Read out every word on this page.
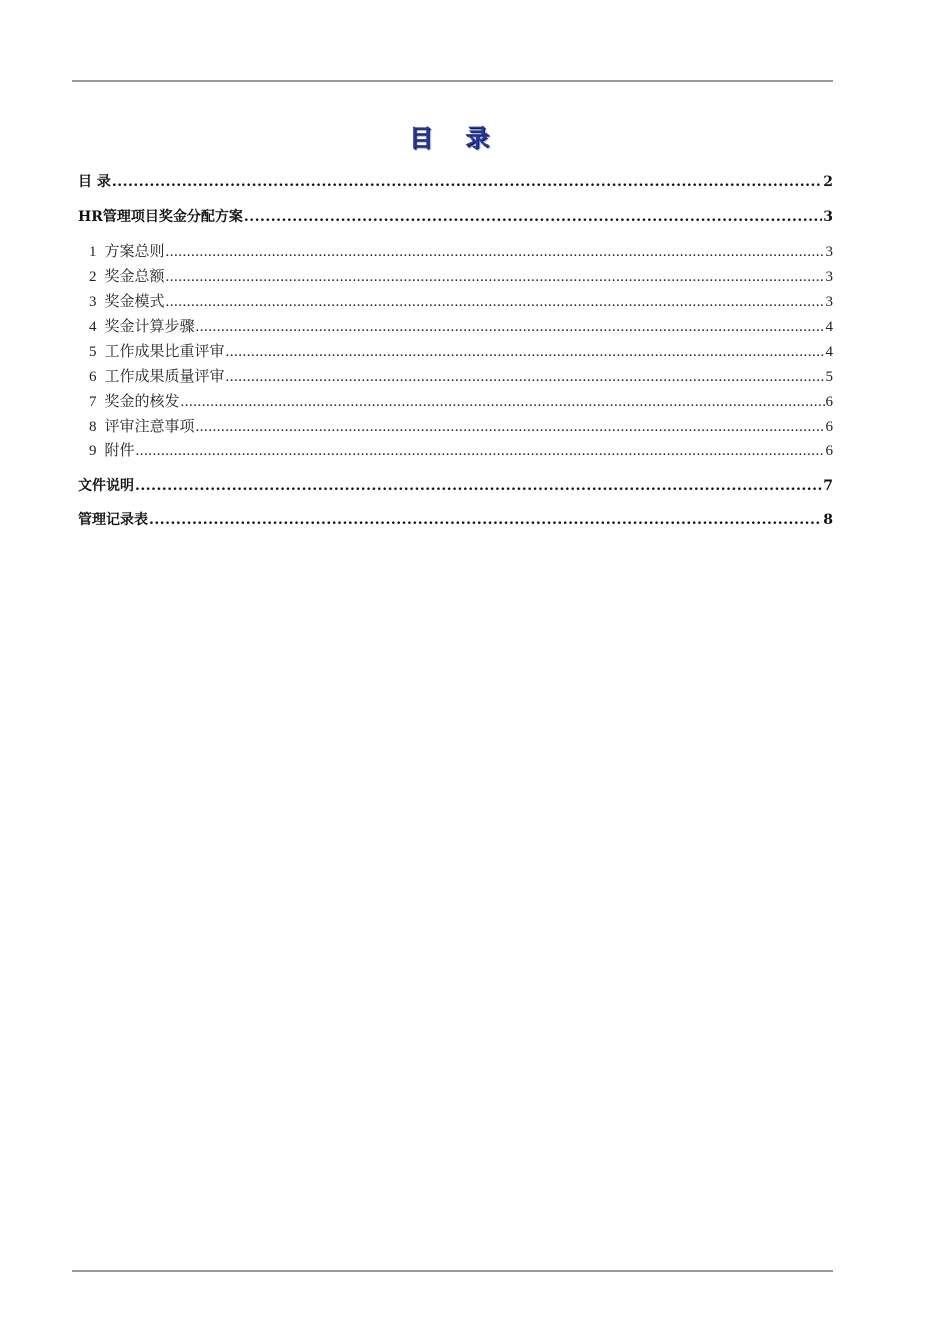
目 录
目 录 .....	2
HR管理项目奖金分配方案 .....	3
1 方案总则 .....	3
2 奖金总额 .....	3
3 奖金模式 .....	3
4 奖金计算步骤 .....	4
5 工作成果比重评审 .....	4
6 工作成果质量评审 .....	5
7 奖金的核发 .....	6
8 评审注意事项 .....	6
9 附件 .....	6
文件说明 .....	7
管理记录表 .....	8
